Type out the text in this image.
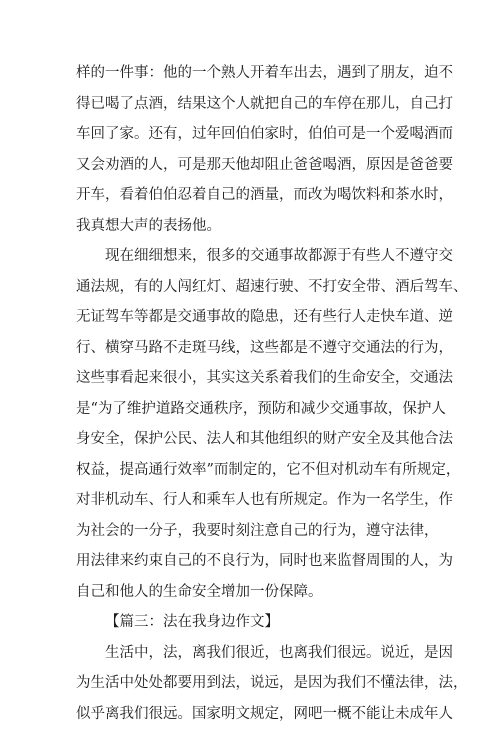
样的一件事：他的一个熟人开着车出去，遇到了朋友，迫不
得已喝了点酒，结果这个人就把自己的车停在那儿，自己打
车回了家。还有，过年回伯伯家时，伯伯可是一个爱喝酒而
又会劝酒的人，可是那天他却阻止爸爸喝酒，原因是爸爸要
开车，看着伯伯忍着自己的酒量，而改为喝饮料和茶水时，
我真想大声的表扬他。
现在细细想来，很多的交通事故都源于有些人不遵守交
通法规，有的人闯红灯、超速行驶、不打安全带、酒后驾车、
无证驾车等都是交通事故的隐患，还有些行人走快车道、逆
行、横穿马路不走斑马线，这些都是不遵守交通法的行为，
这些事看起来很小，其实这关系着我们的生命安全，交通法
是“为了维护道路交通秩序，预防和减少交通事故，保护人
身安全，保护公民、法人和其他组织的财产安全及其他合法
权益，提高通行效率”而制定的，它不但对机动车有所规定，
对非机动车、行人和乘车人也有所规定。作为一名学生，作
为社会的一分子，我要时刻注意自己的行为，遵守法律，
用法律来约束自己的不良行为，同时也来监督周围的人，为
自己和他人的生命安全增加一份保障。
【篇三：法在我身边作文】
生活中，法，离我们很近，也离我们很远。说近，是因
为生活中处处都要用到法，说远，是因为我们不懂法律，法，
似乎离我们很远。国家明文规定，网吧一概不能让未成年人
